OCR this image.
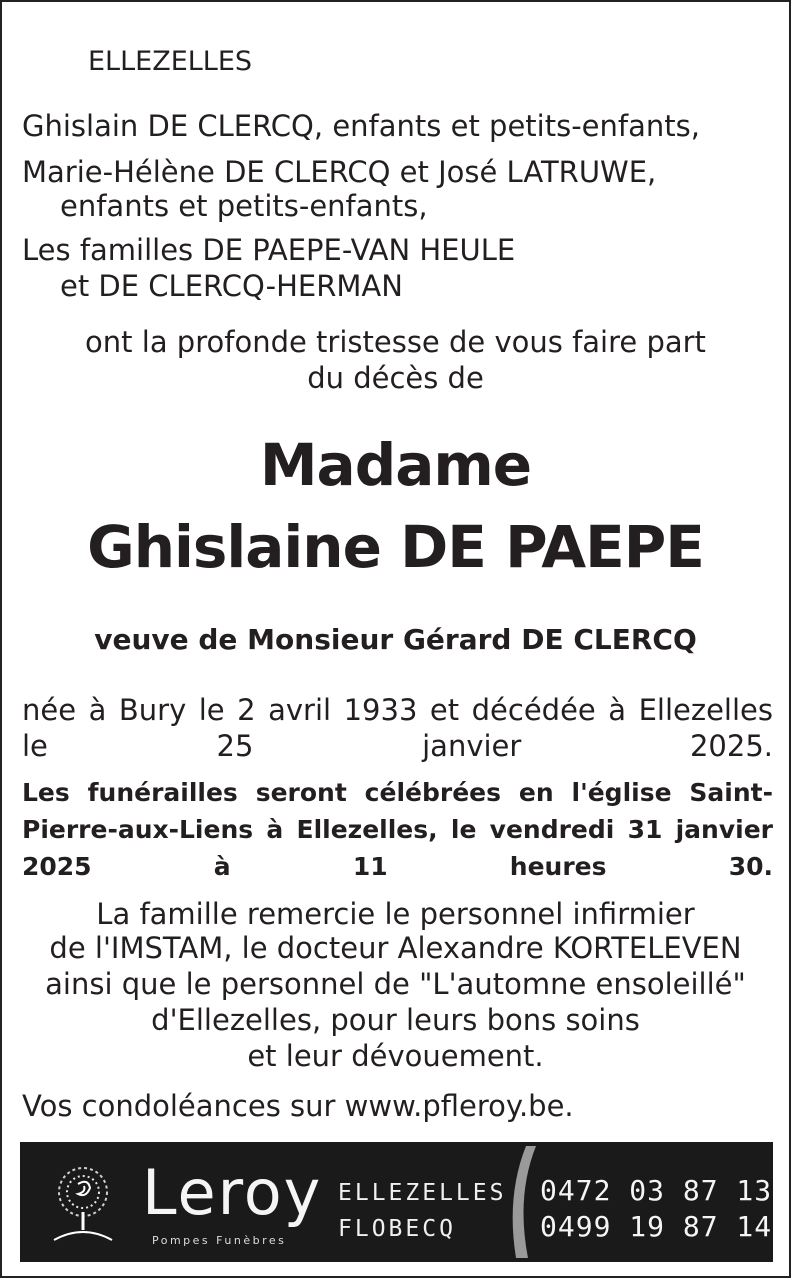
ELLEZELLES
Ghislain DE CLERCQ, enfants et petits-enfants,
Marie-Hélène DE CLERCQ et José LATRUWE,
enfants et petits-enfants,
Les familles DE PAEPE-VAN HEULE
et DE CLERCQ-HERMAN
ont la profonde tristesse de vous faire part
du décès de
Madame
Ghislaine DE PAEPE
veuve de Monsieur Gérard DE CLERCQ
née à Bury le 2 avril 1933 et décédée à Ellezelles le 25 janvier 2025.
Les funérailles seront célébrées en l'église Saint-Pierre-aux-Liens à Ellezelles, le vendredi 31 janvier 2025 à 11 heures 30.
La famille remercie le personnel infirmier
de l'IMSTAM, le docteur Alexandre KORTELEVEN
ainsi que le personnel de "L'automne ensoleillé"
d'Ellezelles, pour leurs bons soins
et leur dévouement.
Vos condoléances sur www.pfleroy.be.
Leroy
Pompes Funèbres
ELLEZELLES
FLOBECQ
0472 03 87 13
0499 19 87 14
